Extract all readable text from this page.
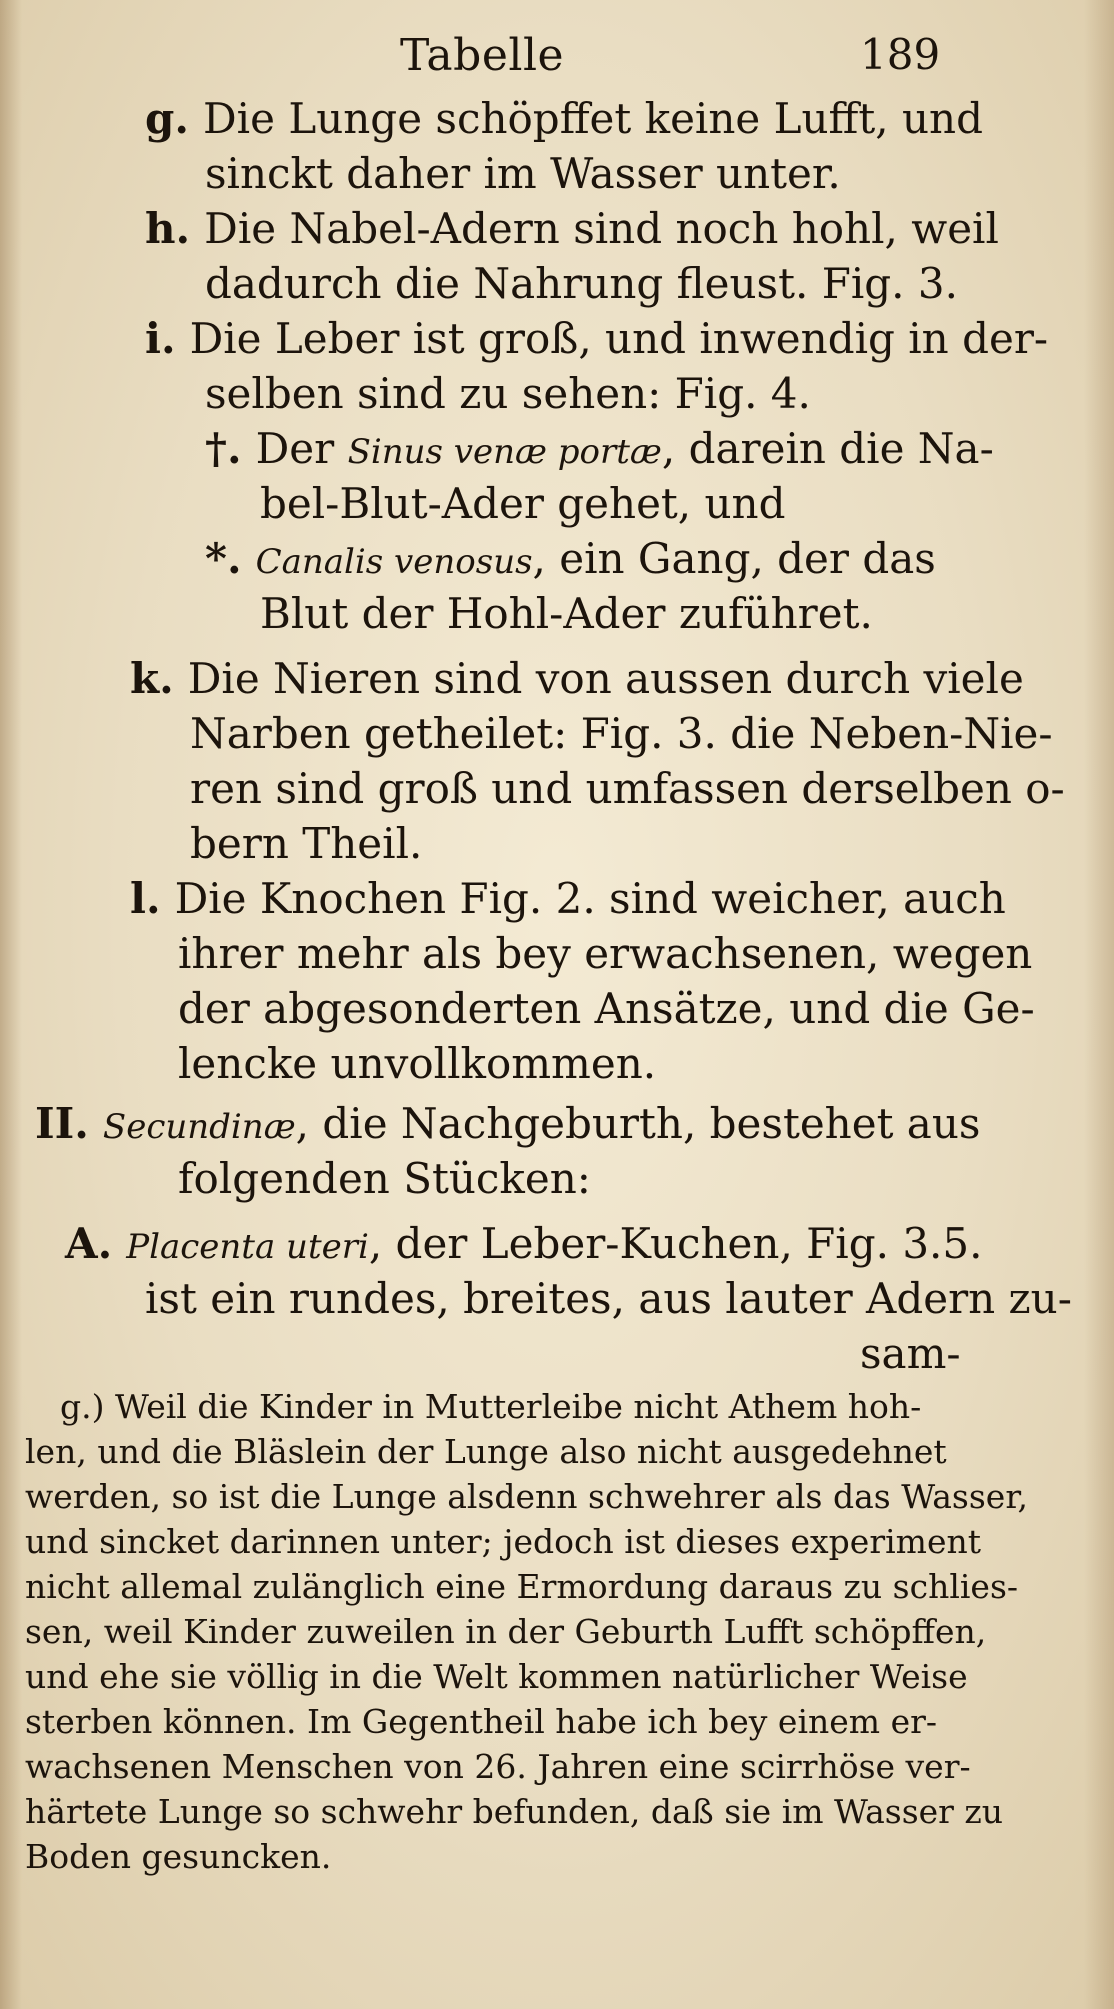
Tabelle	189
g. Die Lunge schöpffet keine Lufft, und
sinckt daher im Wasser unter.
h. Die Nabel-Adern sind noch hohl, weil
dadurch die Nahrung fleust. Fig. 3.
i. Die Leber ist groß, und inwendig in der-
selben sind zu sehen: Fig. 4.
†. Der Sinus venæ portæ, darein die Na-
bel-Blut-Ader gehet, und
*. Canalis venosus, ein Gang, der das
Blut der Hohl-Ader zuführet.
k. Die Nieren sind von aussen durch viele
Narben getheilet: Fig. 3. die Neben-Nie-
ren sind groß und umfassen derselben o-
bern Theil.
l. Die Knochen Fig. 2. sind weicher, auch
ihrer mehr als bey erwachsenen, wegen
der abgesonderten Ansätze, und die Ge-
lencke unvollkommen.
II. Secundinæ, die Nachgeburth, bestehet aus
folgenden Stücken:
A. Placenta uteri, der Leber-Kuchen, Fig. 3.5.
ist ein rundes, breites, aus lauter Adern zu-
sam-
g.) Weil die Kinder in Mutterleibe nicht Athem hoh-
len, und die Bläslein der Lunge also nicht ausgedehnet
werden, so ist die Lunge alsdenn schwehrer als das Wasser,
und sincket darinnen unter; jedoch ist dieses experiment
nicht allemal zulänglich eine Ermordung daraus zu schlies-
sen, weil Kinder zuweilen in der Geburth Lufft schöpffen,
und ehe sie völlig in die Welt kommen natürlicher Weise
sterben können. Im Gegentheil habe ich bey einem er-
wachsenen Menschen von 26. Jahren eine scirrhöse ver-
härtete Lunge so schwehr befunden, daß sie im Wasser zu
Boden gesuncken.
